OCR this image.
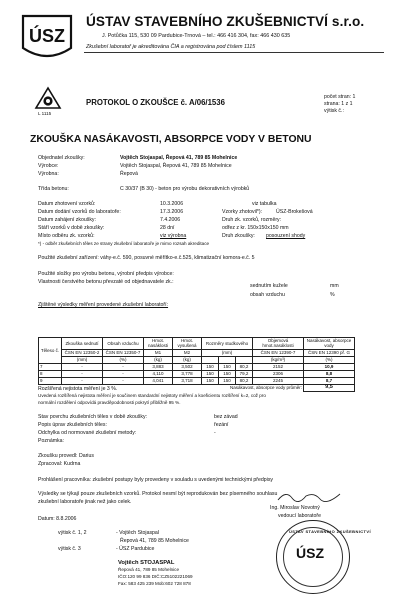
ÚSZ
ÚSTAV STAVEBNÍHO ZKUŠEBNICTVÍ s.r.o.
J. Potůčka 115, 530 09 Pardubice-Trnová – tel.: 466 416 304, fax: 466 430 635
Zkušební laboratoř je akreditována ČIA a registrována pod číslem 1115
L 1115
PROTOKOL O ZKOUŠCE č. A/06/1536
počet stran: 1
strana: 1 z 1
výtisk č.:
ZKOUŠKA NASÁKAVOSTI, ABSORPCE VODY V BETONU
Objednatel zkoušky:	Vojtěch Stojaspal, Řepová 41, 789 85 Mohelnice
Výrobce:	Vojtěch Stojaspal, Řepová 41, 789 85 Mohelnice
Výrobna:	Řepová
Třída betonu:	C 30/37 (B 30) - beton pro výrobu dekorativních výrobků
Datum zhotovení vzorků:	10.3.2006	viz tabulka
Datum dodání vzorků do laboratoře:	17.3.2006	Vzorky zhotovil*):	ÚSZ-Brokešová
Datum zahájení zkoušky:	7.4.2006	Druh zk. vzorků, rozměry:
Stáří vzorků v době zkoušky:	28 dní	odřez z kr. 150x150x150 mm
Místo odběru zk. vzorků:	viz výrobna	Druh zkoušky: posouzení shody
*) - odběr zkušebních těles ze strany zkušební laboratoře je mimo rozsah akreditace
Použité zkušební zařízení: váhy-e.č. 590, posuvné měřítko-e.č.525, klimatizační komora-e.č. 5
Použité složky pro výrobu betonu, výrobní předpis výrobce:
Vlastnosti čerstvého betonu převzaté od objednavatele zk.:
sednutím kužele	mm
obsah vzduchu	%
Zjištěné výsledky měření provedené zkušební laboratoří:
Těleso č.	Zkouška sednutí	Obsah vzduchu	Hmot. nasáklosti	Hmot. vysušená	Rozměry studkového			Objemová hmot.nasáklosti	Nasákavost, absorpce vody
	ČSN EN 12350-2	ČSN EN 12350-7	M1	M2	(mm)			ČSN EN 12390-7	ČSN EN 12390 př. G
	(mm)	(%)	(kg)	(kg)				(kg/m³)	(%)
7	-	-	3,883	3,502	150	150	80,2	2152	10,9
8	-	-	4,110	3,778	150	150	79,2	2306	8,8
9	-	-	4,041	3,718	150	150	80,2	2245	8,7
Nasákavost, absorpce vody průměr:									9,5
Rozšířená nejistota měření je 3 %.
Uvedená rozšířená nejistota měření je součinem standardní nejistoty měření a koeficientu rozšíření k=2, což pro
normální rozdělení odpovídá pravděpodobnosti pokrytí přibližně 95 %.
Stav povrchu zkušebních těles v době zkoušky:	bez závad
Popis úprav zkušebních těles:	řezání
Odchylka od normované zkušební metody:	-
Poznámka:
Zkoušku provedl: Darius
Zpracoval: Kudrna
Prohlášení pracovníka: zkušební postupy byly provedeny v souladu s uvedenými technickými předpisy
Výsledky se týkají pouze zkušebních vzorků. Protokol nesmí být reprodukován bez písemného souhlasu
zkušební laboratoře jinak než jako celek.
Datum: 8.8.2006
výtisk č. 1, 2	- Vojtěch Stojaspal
Řepová 41, 789 85 Mohelnice
výtisk č. 3	- ÚSZ Pardubice
Ing. Miroslav Novotný
vedoucí laboratoře
ÚSTAV STAVEBNÍHO ZKUŠEBNICTVÍ
ÚSZ
Vojtěch STOJASPAL
Řepová 41, 789 85 Mohelnice
IČO:120 99 836 DIČ:CZ5102221069
Fax: 583 425 239 Mob:602 728 878
